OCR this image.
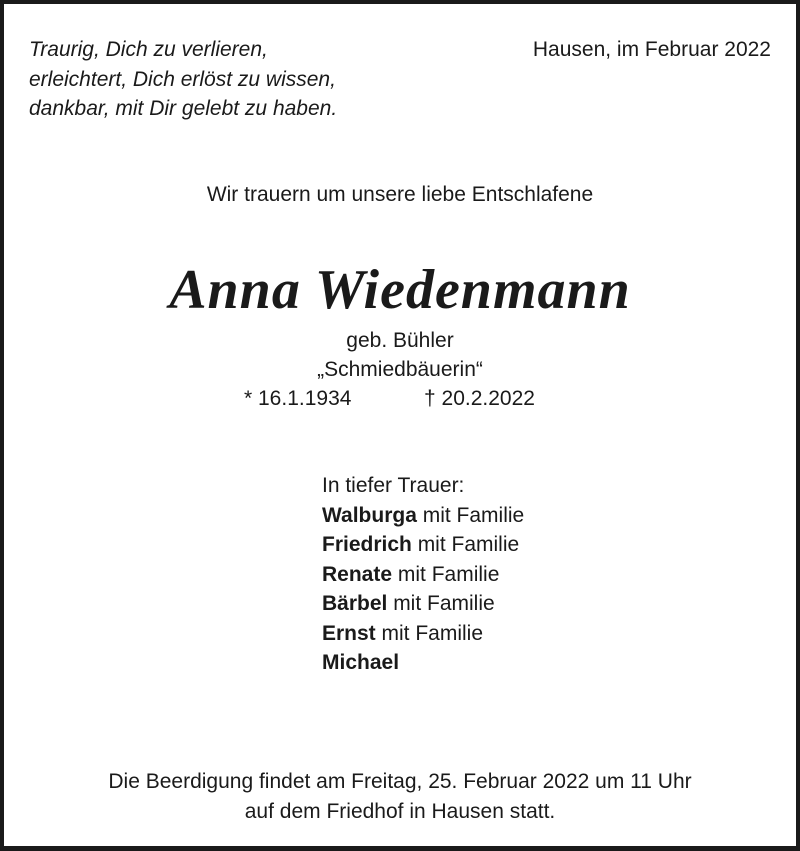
Traurig, Dich zu verlieren,
erleichtert, Dich erlöst zu wissen,
dankbar, mit Dir gelebt zu haben.
Hausen, im Februar 2022
Wir trauern um unsere liebe Entschlafene
Anna Wiedenmann
geb. Bühler
„Schmiedbäuerin“
* 16.1.1934	† 20.2.2022
In tiefer Trauer:
Walburga mit Familie
Friedrich mit Familie
Renate mit Familie
Bärbel mit Familie
Ernst mit Familie
Michael
Die Beerdigung findet am Freitag, 25. Februar 2022 um 11 Uhr
auf dem Friedhof in Hausen statt.
